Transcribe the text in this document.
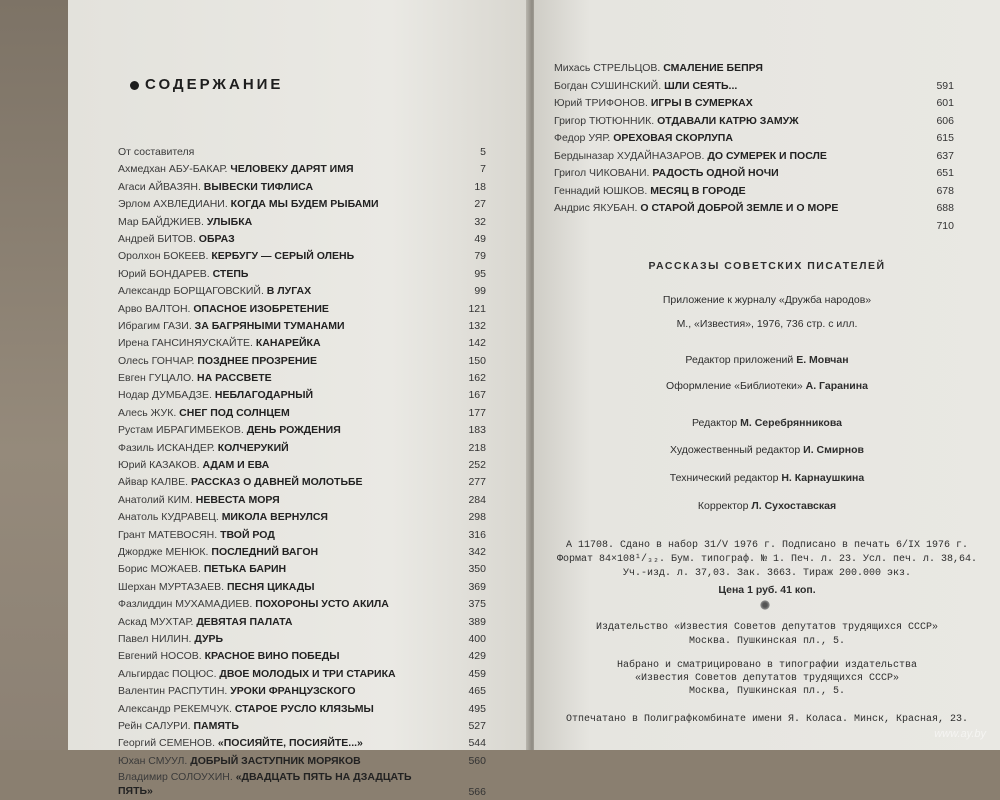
СОДЕРЖАНИЕ
От составителя	5
Ахмедхан АБУ-БАКАР. ЧЕЛОВЕКУ ДАРЯТ ИМЯ	7
Агаси АЙВАЗЯН. ВЫВЕСКИ ТИФЛИСА	18
Эрлом АХВЛЕДИАНИ. КОГДА МЫ БУДЕМ РЫБАМИ	27
Мар БАЙДЖИЕВ. УЛЫБКА	32
Андрей БИТОВ. ОБРАЗ	49
Оролхон БОКЕЕВ. КЕРБУГУ — СЕРЫЙ ОЛЕНЬ	79
Юрий БОНДАРЕВ. СТЕПЬ	95
Александр БОРЩАГОВСКИЙ. В ЛУГАХ	99
Арво ВАЛТОН. ОПАСНОЕ ИЗОБРЕТЕНИЕ	121
Ибрагим ГАЗИ. ЗА БАГРЯНЫМИ ТУМАНАМИ	132
Ирена ГАНСИНЯУСКАЙТЕ. КАНАРЕЙКА	142
Олесь ГОНЧАР. ПОЗДНЕЕ ПРОЗРЕНИЕ	150
Евген ГУЦАЛО. НА РАССВЕТЕ	162
Нодар ДУМБАДЗЕ. НЕБЛАГОДАРНЫЙ	167
Алесь ЖУК. СНЕГ ПОД СОЛНЦЕМ	177
Рустам ИБРАГИМБЕКОВ. ДЕНЬ РОЖДЕНИЯ	183
Фазиль ИСКАНДЕР. КОЛЧЕРУКИЙ	218
Юрий КАЗАКОВ. АДАМ И ЕВА	252
Айвар КАЛВЕ. РАССКАЗ О ДАВНЕЙ МОЛОТЬБЕ	277
Анатолий КИМ. НЕВЕСТА МОРЯ	284
Анатоль КУДРАВЕЦ. МИКОЛА ВЕРНУЛСЯ	298
Грант МАТЕВОСЯН. ТВОЙ РОД	316
Джордже МЕНЮК. ПОСЛЕДНИЙ ВАГОН	342
Борис МОЖАЕВ. ПЕТЬКА БАРИН	350
Шерхан МУРТАЗАЕВ. ПЕСНЯ ЦИКАДЫ	369
Фазлиддин МУХАМАДИЕВ. ПОХОРОНЫ УСТО АКИЛА	375
Аскад МУХТАР. ДЕВЯТАЯ ПАЛАТА	389
Павел НИЛИН. ДУРЬ	400
Евгений НОСОВ. КРАСНОЕ ВИНО ПОБЕДЫ	429
Альгирдас ПОЦЮС. ДВОЕ МОЛОДЫХ И ТРИ СТАРИКА	459
Валентин РАСПУТИН. УРОКИ ФРАНЦУЗСКОГО	465
Александр РЕКЕМЧУК. СТАРОЕ РУСЛО КЛЯЗЬМЫ	495
Рейн САЛУРИ. ПАМЯТЬ	527
Георгий СЕМЕНОВ. «ПОСИЯЙТЕ, ПОСИЯЙТЕ...»	544
Юхан СМУУЛ. ДОБРЫЙ ЗАСТУПНИК МОРЯКОВ	560
Владимир СОЛОУХИН. «ДВАДЦАТЬ ПЯТЬ НА ДЗАДЦАТЬ
ПЯТЬ»	566
Михась СТРЕЛЬЦОВ. СМАЛЕНИЕ БЕПРЯ
Богдан СУШИНСКИЙ. ШЛИ СЕЯТЬ...	591
Юрий ТРИФОНОВ. ИГРЫ В СУМЕРКАХ	601
Григор ТЮТЮННИК. ОТДАВАЛИ КАТРЮ ЗАМУЖ	606
Федор УЯР. ОРЕХОВАЯ СКОРЛУПА	615
Бердыназар ХУДАЙНАЗАРОВ. ДО СУМЕРЕК И ПОСЛЕ	637
Григол ЧИКОВАНИ. РАДОСТЬ ОДНОЙ НОЧИ	651
Геннадий ЮШКОВ. МЕСЯЦ В ГОРОДЕ	678
Андрис ЯКУБАН. О СТАРОЙ ДОБРОЙ ЗЕМЛЕ И О МОРЕ	688
710
РАССКАЗЫ СОВЕТСКИХ ПИСАТЕЛЕЙ
Приложение к журналу «Дружба народов»
М., «Известия», 1976, 736 стр. с илл.
Редактор приложений Е. Мовчан
Оформление «Библиотеки» А. Гаранина
Редактор М. Серебрянникова
Художественный редактор И. Смирнов
Технический редактор Н. Карнаушкина
Корректор Л. Сухоставская
А 11708. Сдано в набор 31/V 1976 г. Подписано в печать 6/IX 1976 г.
Формат 84×108¹/₃₂. Бум. типограф. № 1. Печ. л. 23. Усл. печ. л. 38,64.
Уч.-изд. л. 37,03. Зак. 3663. Тираж 200.000 экз.
Цена 1 руб. 41 коп.
Издательство «Известия Советов депутатов трудящихся СССР»
Москва. Пушкинская пл., 5.
Набрано и сматрицировано в типографии издательства
«Известия Советов депутатов трудящихся СССР»
Москва, Пушкинская пл., 5.
Отпечатано в Полиграфкомбинате имени Я. Коласа. Минск, Красная, 23.
www.ay.by
